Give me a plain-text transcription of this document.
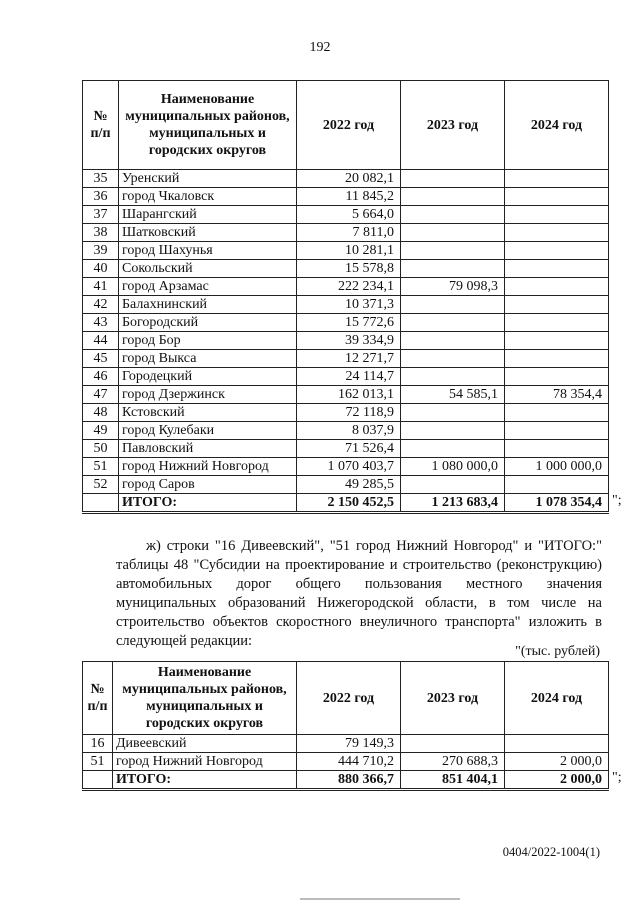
192
№ п/п	Наименование муниципальных районов, муниципальных и городских округов	2022 год	2023 год	2024 год
35	Уренский	20 082,1		
36	город Чкаловск	11 845,2		
37	Шарангский	5 664,0		
38	Шатковский	7 811,0		
39	город Шахунья	10 281,1		
40	Сокольский	15 578,8		
41	город Арзамас	222 234,1	79 098,3	
42	Балахнинский	10 371,3		
43	Богородский	15 772,6		
44	город Бор	39 334,9		
45	город Выкса	12 271,7		
46	Городецкий	24 114,7		
47	город Дзержинск	162 013,1	54 585,1	78 354,4
48	Кстовский	72 118,9		
49	город Кулебаки	8 037,9		
50	Павловский	71 526,4		
51	город Нижний Новгород	1 070 403,7	1 080 000,0	1 000 000,0
52	город Саров	49 285,5		
	ИТОГО:	2 150 452,5	1 213 683,4	1 078 354,4 ";
ж) строки "16 Дивеевский", "51 город Нижний Новгород" и "ИТОГО:" таблицы 48 "Субсидии на проектирование и строительство (реконструкцию) автомобильных дорог общего пользования местного значения муниципальных образований Нижегородской области, в том числе на строительство объектов скоростного внеуличного транспорта" изложить в следующей редакции:
"(тыс. рублей)
№ п/п	Наименование муниципальных районов, муниципальных и городских округов	2022 год	2023 год	2024 год
16	Дивеевский	79 149,3		
51	город Нижний Новгород	444 710,2	270 688,3	2 000,0
	ИТОГО:	880 366,7	851 404,1	2 000,0 ";
0404/2022-1004(1)
